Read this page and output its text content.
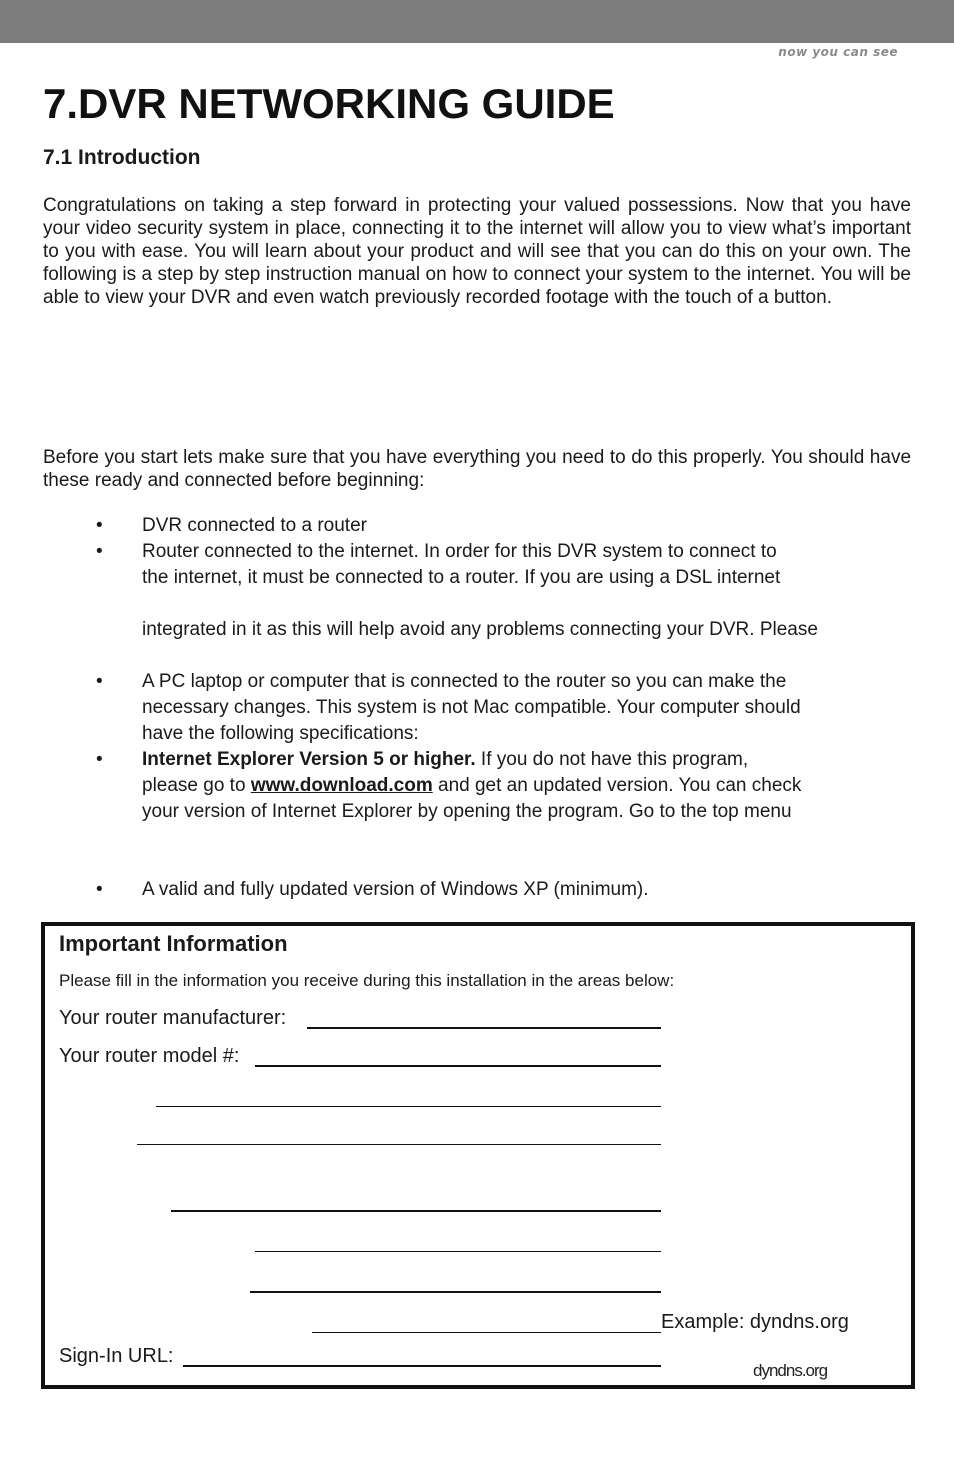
now you can see
7.DVR NETWORKING GUIDE
7.1 Introduction

Congratulations on taking a step forward in protecting your valued possessions. Now that you have your video security system in place, connecting it to the internet will allow you to view what’s important to you with ease. You will learn about your product and will see that you can do this on your own. The following is a step by step instruction manual on how to connect your system to the internet. You will be able to view your DVR and even watch previously recorded footage with the touch of a button.

Before you start lets make sure that you have everything you need to do this properly. You should have these ready and connected before beginning:

• DVR connected to a router
• Router connected to the internet. In order for this DVR system to connect to
the internet, it must be connected to a router. If you are using a DSL internet
integrated in it as this will help avoid any problems connecting your DVR. Please
• A PC laptop or computer that is connected to the router so you can make the
necessary changes. This system is not Mac compatible. Your computer should
have the following specifications:
• Internet Explorer Version 5 or higher. If you do not have this program,
please go to www.download.com and get an updated version. You can check
your version of Internet Explorer by opening the program. Go to the top menu
• A valid and fully updated version of Windows XP (minimum).
Important Information
Please fill in the information you receive during this installation in the areas below:
Your router manufacturer:
Your router model #:
Example: dyndns.org
Sign-In URL:
dyndns.org
